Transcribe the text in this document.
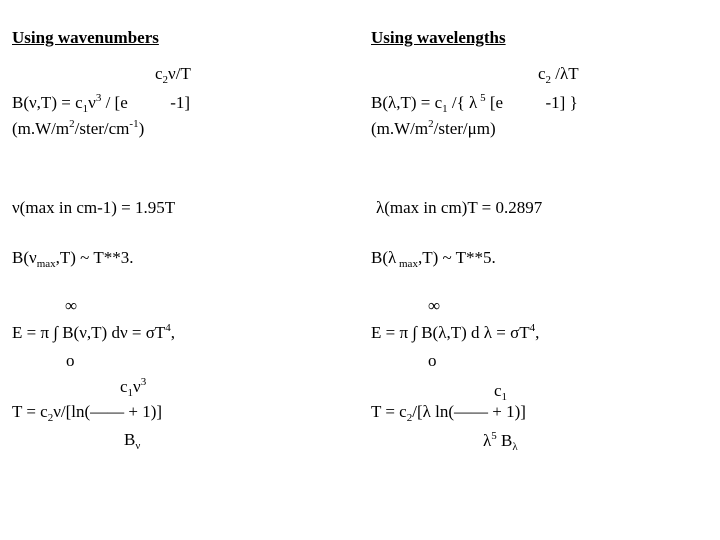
Using wavenumbers
$c_2\nu/T$
$B(\nu,T) = c_1\nu^3 / [e$          -1]
$(m.W/m^2/ster/cm^{-1})$
ν(max in cm-1) = 1.95T
$B(\nu_{max},T)$ ~ T**3.
∞
E = π ∫ B(ν,T) $d\nu = \sigma T^4$,
o
$c_1\nu^3$
$T = c_2\nu/[\ln(—— + 1)]$
$B_\nu$
Using wavelengths
$c_2$ /λT
$B(\lambda,T) = c_1$ /{ λ $^5$ [e          -1] }
$(m.W/m^2/ster/\mu m)$
λ(max in cm)T = 0.2897
B(λ $_{max}$,T) ~ T**5.
∞
E = π ∫ B(λ,T) d $\lambda = \sigma T^4$,
o
$c_1$
$T = c_2/[\lambda$ ln(—— + 1)]
$\lambda^5$ $B_\lambda$
